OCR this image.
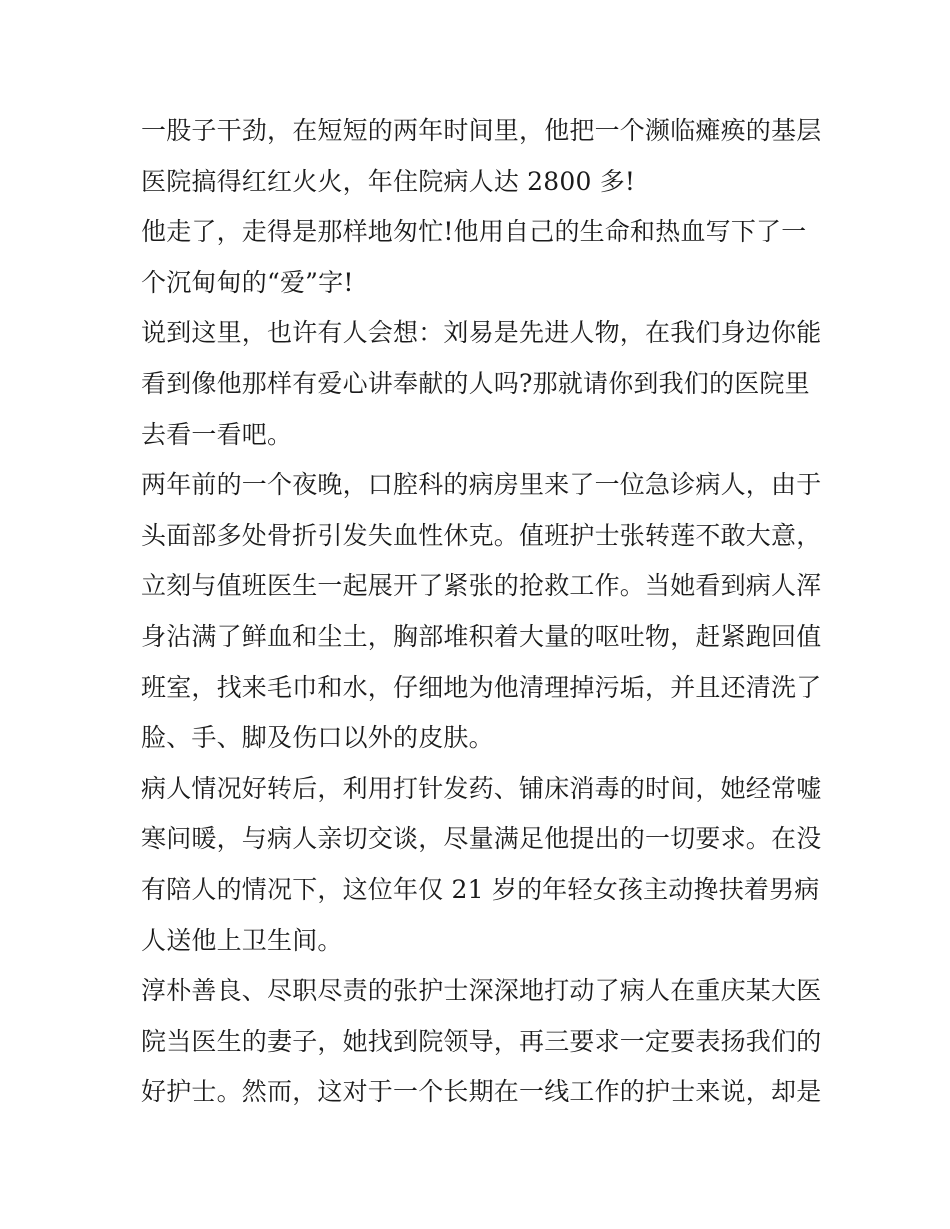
一股子干劲，在短短的两年时间里，他把一个濒临瘫痪的基层
医院搞得红红火火，年住院病人达 2800 多!
他走了，走得是那样地匆忙!他用自己的生命和热血写下了一
个沉甸甸的“爱”字!
说到这里，也许有人会想：刘易是先进人物，在我们身边你能
看到像他那样有爱心讲奉献的人吗?那就请你到我们的医院里
去看一看吧。
两年前的一个夜晚，口腔科的病房里来了一位急诊病人，由于
头面部多处骨折引发失血性休克。值班护士张转莲不敢大意，
立刻与值班医生一起展开了紧张的抢救工作。当她看到病人浑
身沾满了鲜血和尘土，胸部堆积着大量的呕吐物，赶紧跑回值
班室，找来毛巾和水，仔细地为他清理掉污垢，并且还清洗了
脸、手、脚及伤口以外的皮肤。
病人情况好转后，利用打针发药、铺床消毒的时间，她经常嘘
寒问暖，与病人亲切交谈，尽量满足他提出的一切要求。在没
有陪人的情况下，这位年仅 21 岁的年轻女孩主动搀扶着男病
人送他上卫生间。
淳朴善良、尽职尽责的张护士深深地打动了病人在重庆某大医
院当医生的妻子，她找到院领导，再三要求一定要表扬我们的
好护士。然而，这对于一个长期在一线工作的护士来说，却是
